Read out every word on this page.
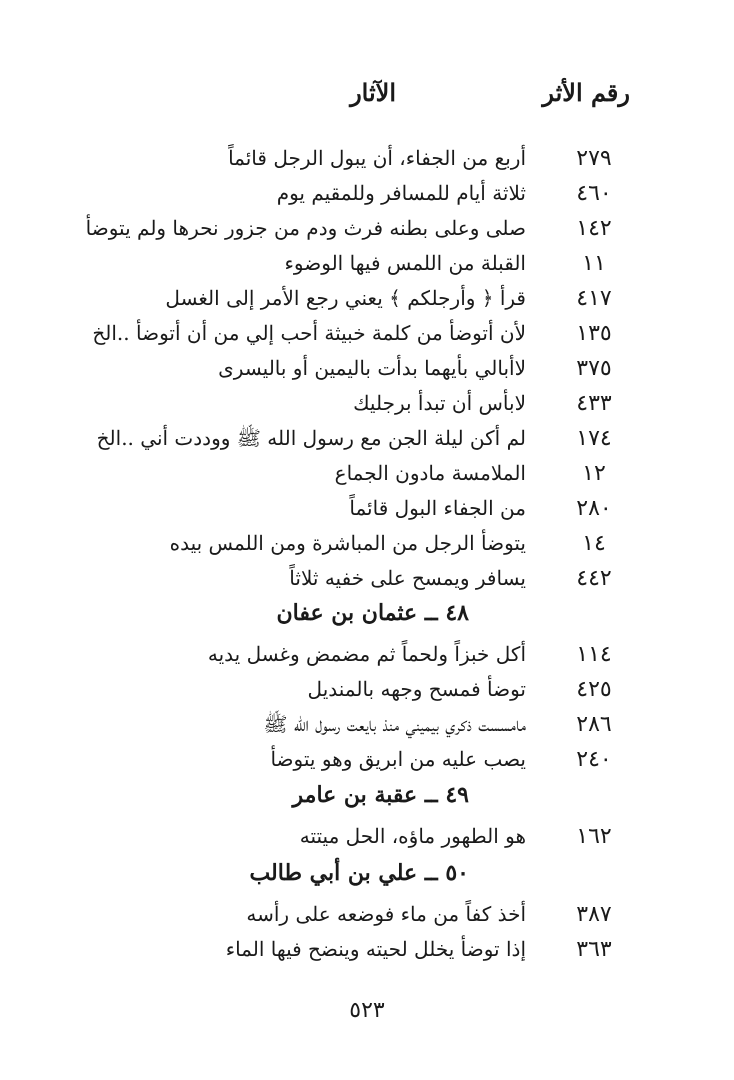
رقم الأثر
الآثار
٢٧٩
أربع من الجفاء، أن يبول الرجل قائماً
٤٦٠
ثلاثة أيام للمسافر وللمقيم يوم
١٤٢
صلى وعلى بطنه فرث ودم من جزور نحرها ولم يتوضأ
١١
القبلة من اللمس فيها الوضوء
٤١٧
قرأ ﴿ وأرجلكم ﴾ يعني رجع الأمر إلى الغسل
١٣٥
لأن أتوضأ من كلمة خبيثة أحب إلي من أن أتوضأ ..الخ
٣٧٥
لاأبالي بأيهما بدأت باليمين أو باليسرى
٤٣٣
لابأس أن تبدأ برجليك
١٧٤
لم أكن ليلة الجن مع رسول الله ﷺ ووددت أني ..الخ
١٢
الملامسة مادون الجماع
٢٨٠
من الجفاء البول قائماً
١٤
يتوضأ الرجل من المباشرة ومن اللمس بيده
٤٤٢
يسافر ويمسح على خفيه ثلاثاً
٤٨ ــ عثمان بن عفان
١١٤
أكل خبزاً ولحماً ثم مضمض وغسل يديه
٤٢٥
توضأ فمسح وجهه بالمنديل
٢٨٦
مامسست ذكري بيميني منذ بايعت رسول الله ﷺ
٢٤٠
يصب عليه من ابريق وهو يتوضأ
٤٩ ــ عقبة بن عامر
١٦٢
هو الطهور ماؤه، الحل ميتته
٥٠ ــ علي بن أبي طالب
٣٨٧
أخذ كفاً من ماء فوضعه على رأسه
٣٦٣
إذا توضأ يخلل لحيته وينضح فيها الماء
٥٢٣
